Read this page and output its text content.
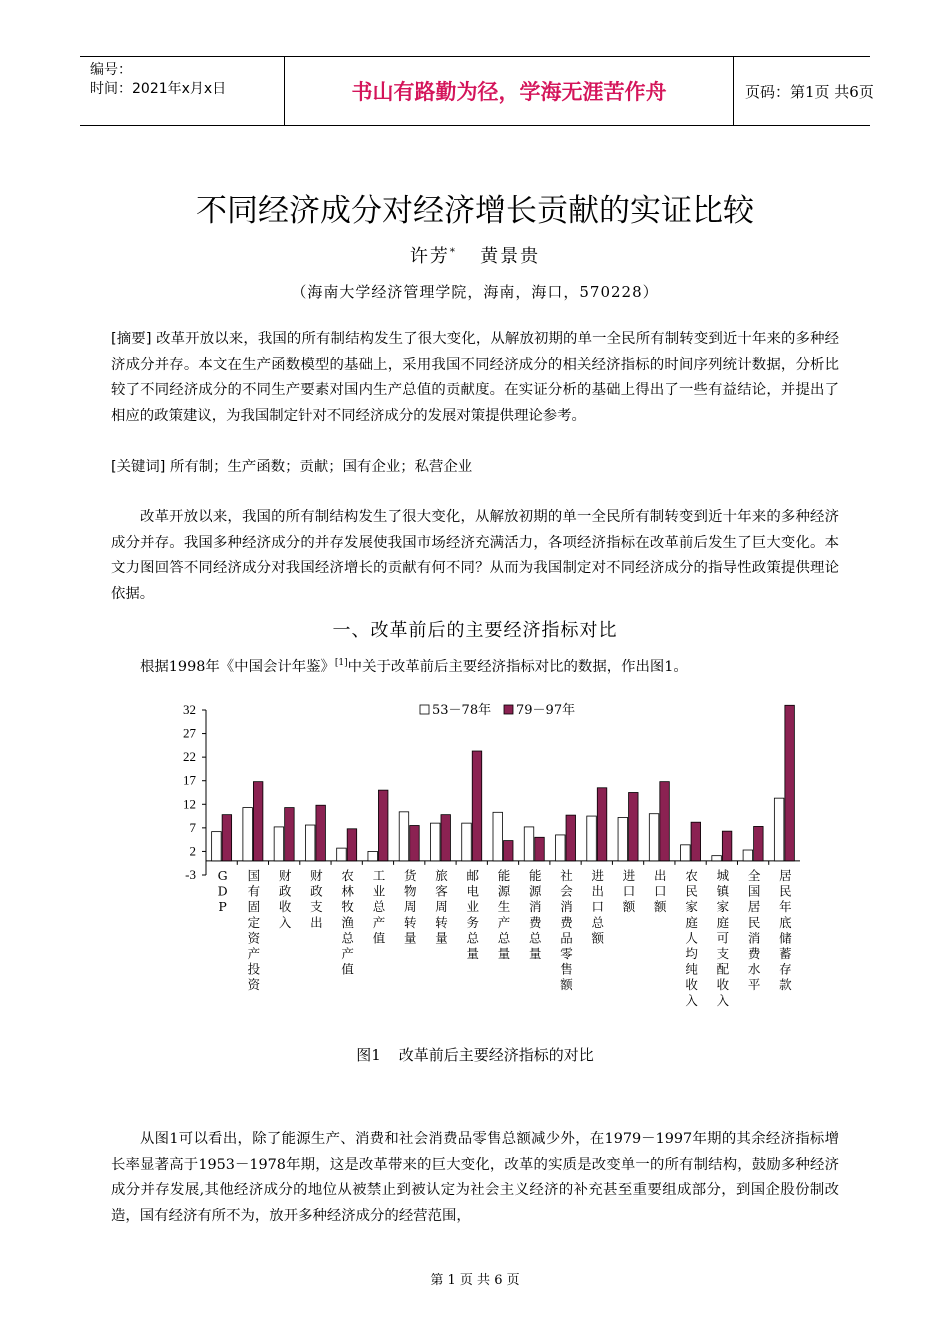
编号：
时间：2021年x月x日	书山有路勤为径，学海无涯苦作舟	页码：第1页 共6页
不同经济成分对经济增长贡献的实证比较
许芳* 黄景贵
（海南大学经济管理学院，海南，海口，570228）
[摘要] 改革开放以来，我国的所有制结构发生了很大变化，从解放初期的单一全民所有制转变到近十年来的多种经济成分并存。本文在生产函数模型的基础上，采用我国不同经济成分的相关经济指标的时间序列统计数据，分析比较了不同经济成分的不同生产要素对国内生产总值的贡献度。在实证分析的基础上得出了一些有益结论，并提出了相应的政策建议，为我国制定针对不同经济成分的发展对策提供理论参考。
[关键词] 所有制；生产函数；贡献；国有企业；私营企业
改革开放以来，我国的所有制结构发生了很大变化，从解放初期的单一全民所有制转变到近十年来的多种经济成分并存。我国多种经济成分的并存发展使我国市场经济充满活力，各项经济指标在改革前后发生了巨大变化。本文力图回答不同经济成分对我国经济增长的贡献有何不同？从而为我国制定对不同经济成分的指导性政策提供理论依据。
一、改革前后的主要经济指标对比
根据1998年《中国会计年鉴》[1]中关于改革前后主要经济指标对比的数据，作出图1。
32
27
22
17
12
7
2
-3 G D P
国有固定资产投资
财政收入
财政支出
农林牧渔总产值
工业总产值
货物周转量
旅客周转量
邮电业务总量
能源生产总量
能源消费总量
社会消费品零售额
进出口总额
进口额
出口额
农民家庭人均纯收入
城镇家庭可支配收入
全国居民消费水平
居民年底储蓄存款
53－78年 79－97年
图1 改革前后主要经济指标的对比
从图1可以看出，除了能源生产、消费和社会消费品零售总额减少外，在1979－1997年期的其余经济指标增长率显著高于1953－1978年期，这是改革带来的巨大变化，改革的实质是改变单一的所有制结构，鼓励多种经济成分并存发展,其他经济成分的地位从被禁止到被认定为社会主义经济的补充甚至重要组成部分，到国企股份制改造，国有经济有所不为，放开多种经济成分的经营范围，
第 1 页 共 6 页
